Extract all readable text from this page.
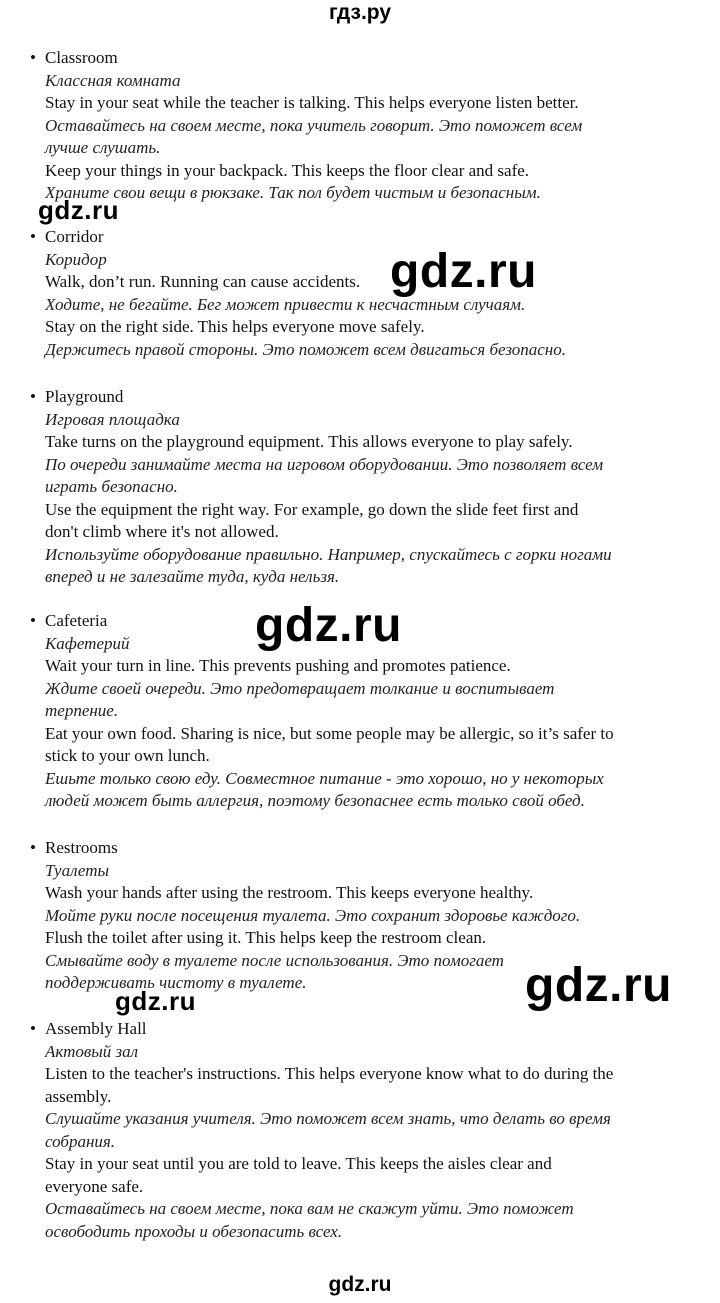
гдз.ру
• Classroom
Классная комната
Stay in your seat while the teacher is talking. This helps everyone listen better.
Оставайтесь на своем месте, пока учитель говорит. Это поможет всем
лучше слушать.
Keep your things in your backpack. This keeps the floor clear and safe.
Храните свои вещи в рюкзаке. Так пол будет чистым и безопасным.
• Corridor
Коридор
Walk, don’t run. Running can cause accidents.
Ходите, не бегайте. Бег может привести к несчастным случаям.
Stay on the right side. This helps everyone move safely.
Держитесь правой стороны. Это поможет всем двигаться безопасно.
• Playground
Игровая площадка
Take turns on the playground equipment. This allows everyone to play safely.
По очереди занимайте места на игровом оборудовании. Это позволяет всем
играть безопасно.
Use the equipment the right way. For example, go down the slide feet first and
don't climb where it's not allowed.
Используйте оборудование правильно. Например, спускайтесь с горки ногами
вперед и не залезайте туда, куда нельзя.
• Cafeteria
Кафетерий
Wait your turn in line. This prevents pushing and promotes patience.
Ждите своей очереди. Это предотвращает толкание и воспитывает
терпение.
Eat your own food. Sharing is nice, but some people may be allergic, so it’s safer to
stick to your own lunch.
Ешьте только свою еду. Совместное питание - это хорошо, но у некоторых
людей может быть аллергия, поэтому безопаснее есть только свой обед.
• Restrooms
Туалеты
Wash your hands after using the restroom. This keeps everyone healthy.
Мойте руки после посещения туалета. Это сохранит здоровье каждого.
Flush the toilet after using it. This helps keep the restroom clean.
Смывайте воду в туалете после использования. Это помогает
поддерживать чистоту в туалете.
• Assembly Hall
Актовый зал
Listen to the teacher's instructions. This helps everyone know what to do during the
assembly.
Слушайте указания учителя. Это поможет всем знать, что делать во время
собрания.
Stay in your seat until you are told to leave. This keeps the aisles clear and
everyone safe.
Оставайтесь на своем месте, пока вам не скажут уйти. Это поможет
освободить проходы и обезопасить всех.
gdz.ru
gdz.ru
gdz.ru
gdz.ru	gdz.ru
gdz.ru
